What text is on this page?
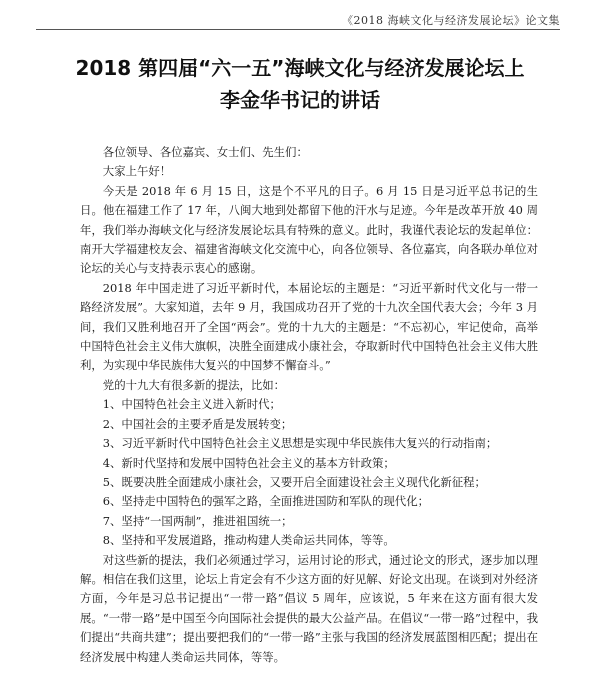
《2018 海峡文化与经济发展论坛》论文集
2018 第四届“六一五”海峡文化与经济发展论坛上
李金华书记的讲话

各位领导、各位嘉宾、女士们、先生们：

大家上午好！

今天是 2018 年 6 月 15 日，这是个不平凡的日子。6 月 15 日是习近平总书记的生日。他在福建工作了 17 年，八闽大地到处都留下他的汗水与足迹。今年是改革开放 40 周年，我们举办海峡文化与经济发展论坛具有特殊的意义。此时，我谨代表论坛的发起单位：南开大学福建校友会、福建省海峡文化交流中心，向各位领导、各位嘉宾，向各联办单位对论坛的关心与支持表示衷心的感谢。

2018 年中国走进了习近平新时代，本届论坛的主题是：“习近平新时代文化与一带一路经济发展”。大家知道，去年 9 月，我国成功召开了党的十九次全国代表大会；今年 3 月间，我们又胜利地召开了全国“两会”。党的十九大的主题是：“不忘初心，牢记使命，高举中国特色社会主义伟大旗帜，决胜全面建成小康社会，夺取新时代中国特色社会主义伟大胜利，为实现中华民族伟大复兴的中国梦不懈奋斗。”

党的十九大有很多新的提法，比如：

1、中国特色社会主义进入新时代；

2、中国社会的主要矛盾是发展转变；

3、习近平新时代中国特色社会主义思想是实现中华民族伟大复兴的行动指南；

4、新时代坚持和发展中国特色社会主义的基本方针政策；

5、既要决胜全面建成小康社会，又要开启全面建设社会主义现代化新征程；

6、坚持走中国特色的强军之路，全面推进国防和军队的现代化；

7、坚持“一国两制”，推进祖国统一；

8、坚持和平发展道路，推动构建人类命运共同体，等等。

对这些新的提法，我们必须通过学习，运用讨论的形式，通过论文的形式，逐步加以理解。相信在我们这里，论坛上肯定会有不少这方面的好见解、好论文出现。在谈到对外经济方面，今年是习总书记提出“一带一路”倡议 5 周年，应该说，5 年来在这方面有很大发展。“一带一路”是中国至今向国际社会提供的最大公益产品。在倡议“一带一路”过程中，我们提出“共商共建”；提出要把我们的“一带一路”主张与我国的经济发展蓝图相匹配；提出在经济发展中构建人类命运共同体，等等。
